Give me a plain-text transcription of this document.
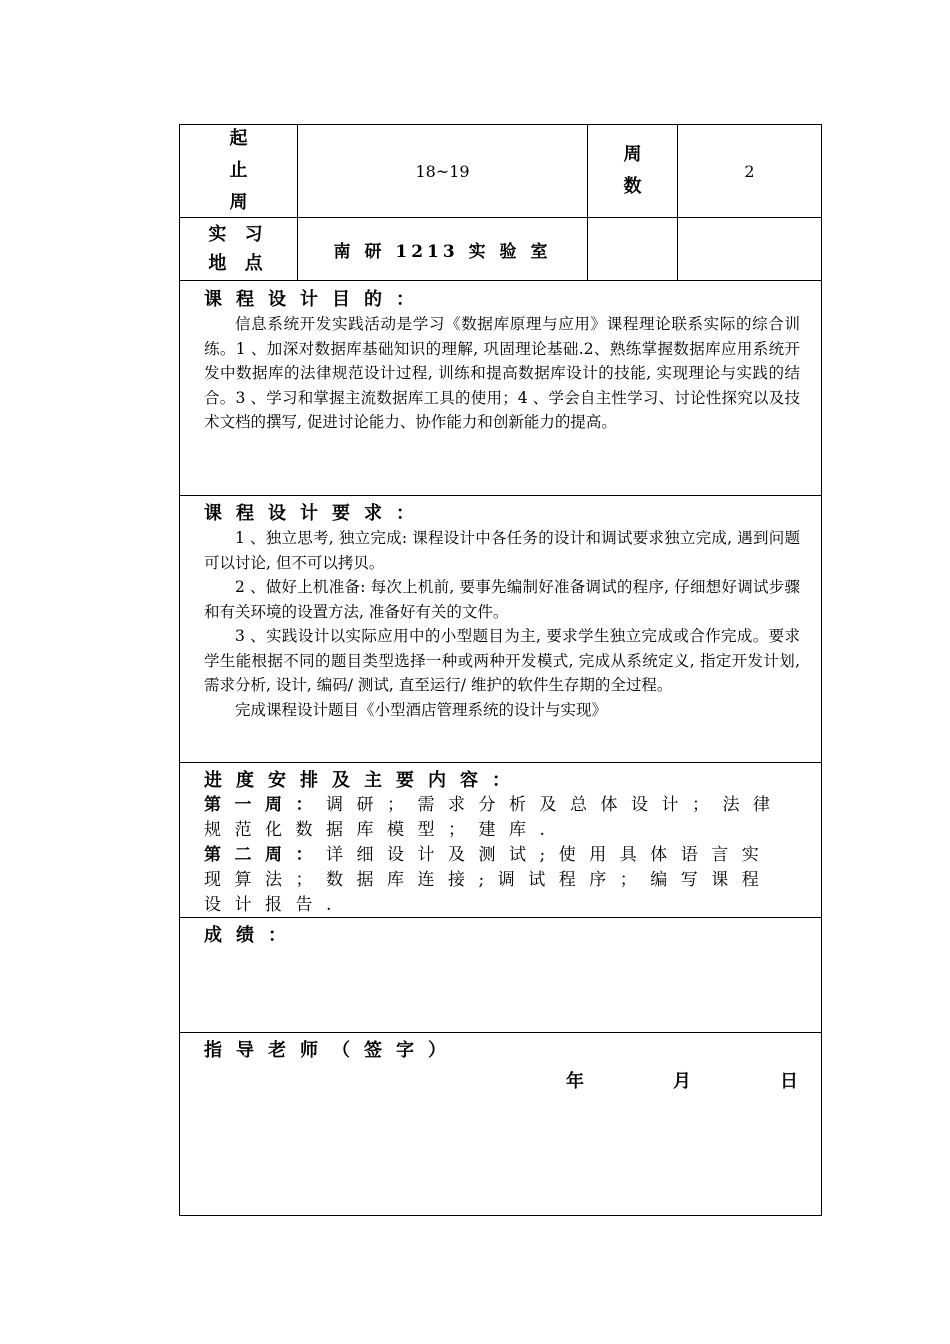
起止周
18~19
周数
2
实 习
地 点
南 研 1213 实 验 室
课程设计目的：

信息系统开发实践活动是学习《数据库原理与应用》课程理论联系实际的综合训练。1 、加深对数据库基础知识的理解, 巩固理论基础.2、熟练掌握数据库应用系统开发中数据库的法律规范设计过程, 训练和提高数据库设计的技能, 实现理论与实践的结合。3 、学习和掌握主流数据库工具的使用；4 、学会自主性学习、讨论性探究以及技术文档的撰写, 促进讨论能力、协作能力和创新能力的提高。

课程设计要求：

1 、独立思考, 独立完成: 课程设计中各任务的设计和调试要求独立完成, 遇到问题可以讨论, 但不可以拷贝。

2 、做好上机准备: 每次上机前, 要事先编制好准备调试的程序, 仔细想好调试步骤和有关环境的设置方法, 准备好有关的文件。

3 、实践设计以实际应用中的小型题目为主, 要求学生独立完成或合作完成。要求学生能根据不同的题目类型选择一种或两种开发模式, 完成从系统定义, 指定开发计划, 需求分析, 设计, 编码/ 测试, 直至运行/ 维护的软件生存期的全过程。

完成课程设计题目《小型酒店管理系统的设计与实现》

进度安排及主要内容：
第一周：调研；需求分析及总体设计；法律规范化数据库模型；建库.
第二周：详细设计及测试;使用具体语言实现算法；数据库连接;调试程序；编写课程设计报告.
成绩：
指导老师（签字）
年	月	日
